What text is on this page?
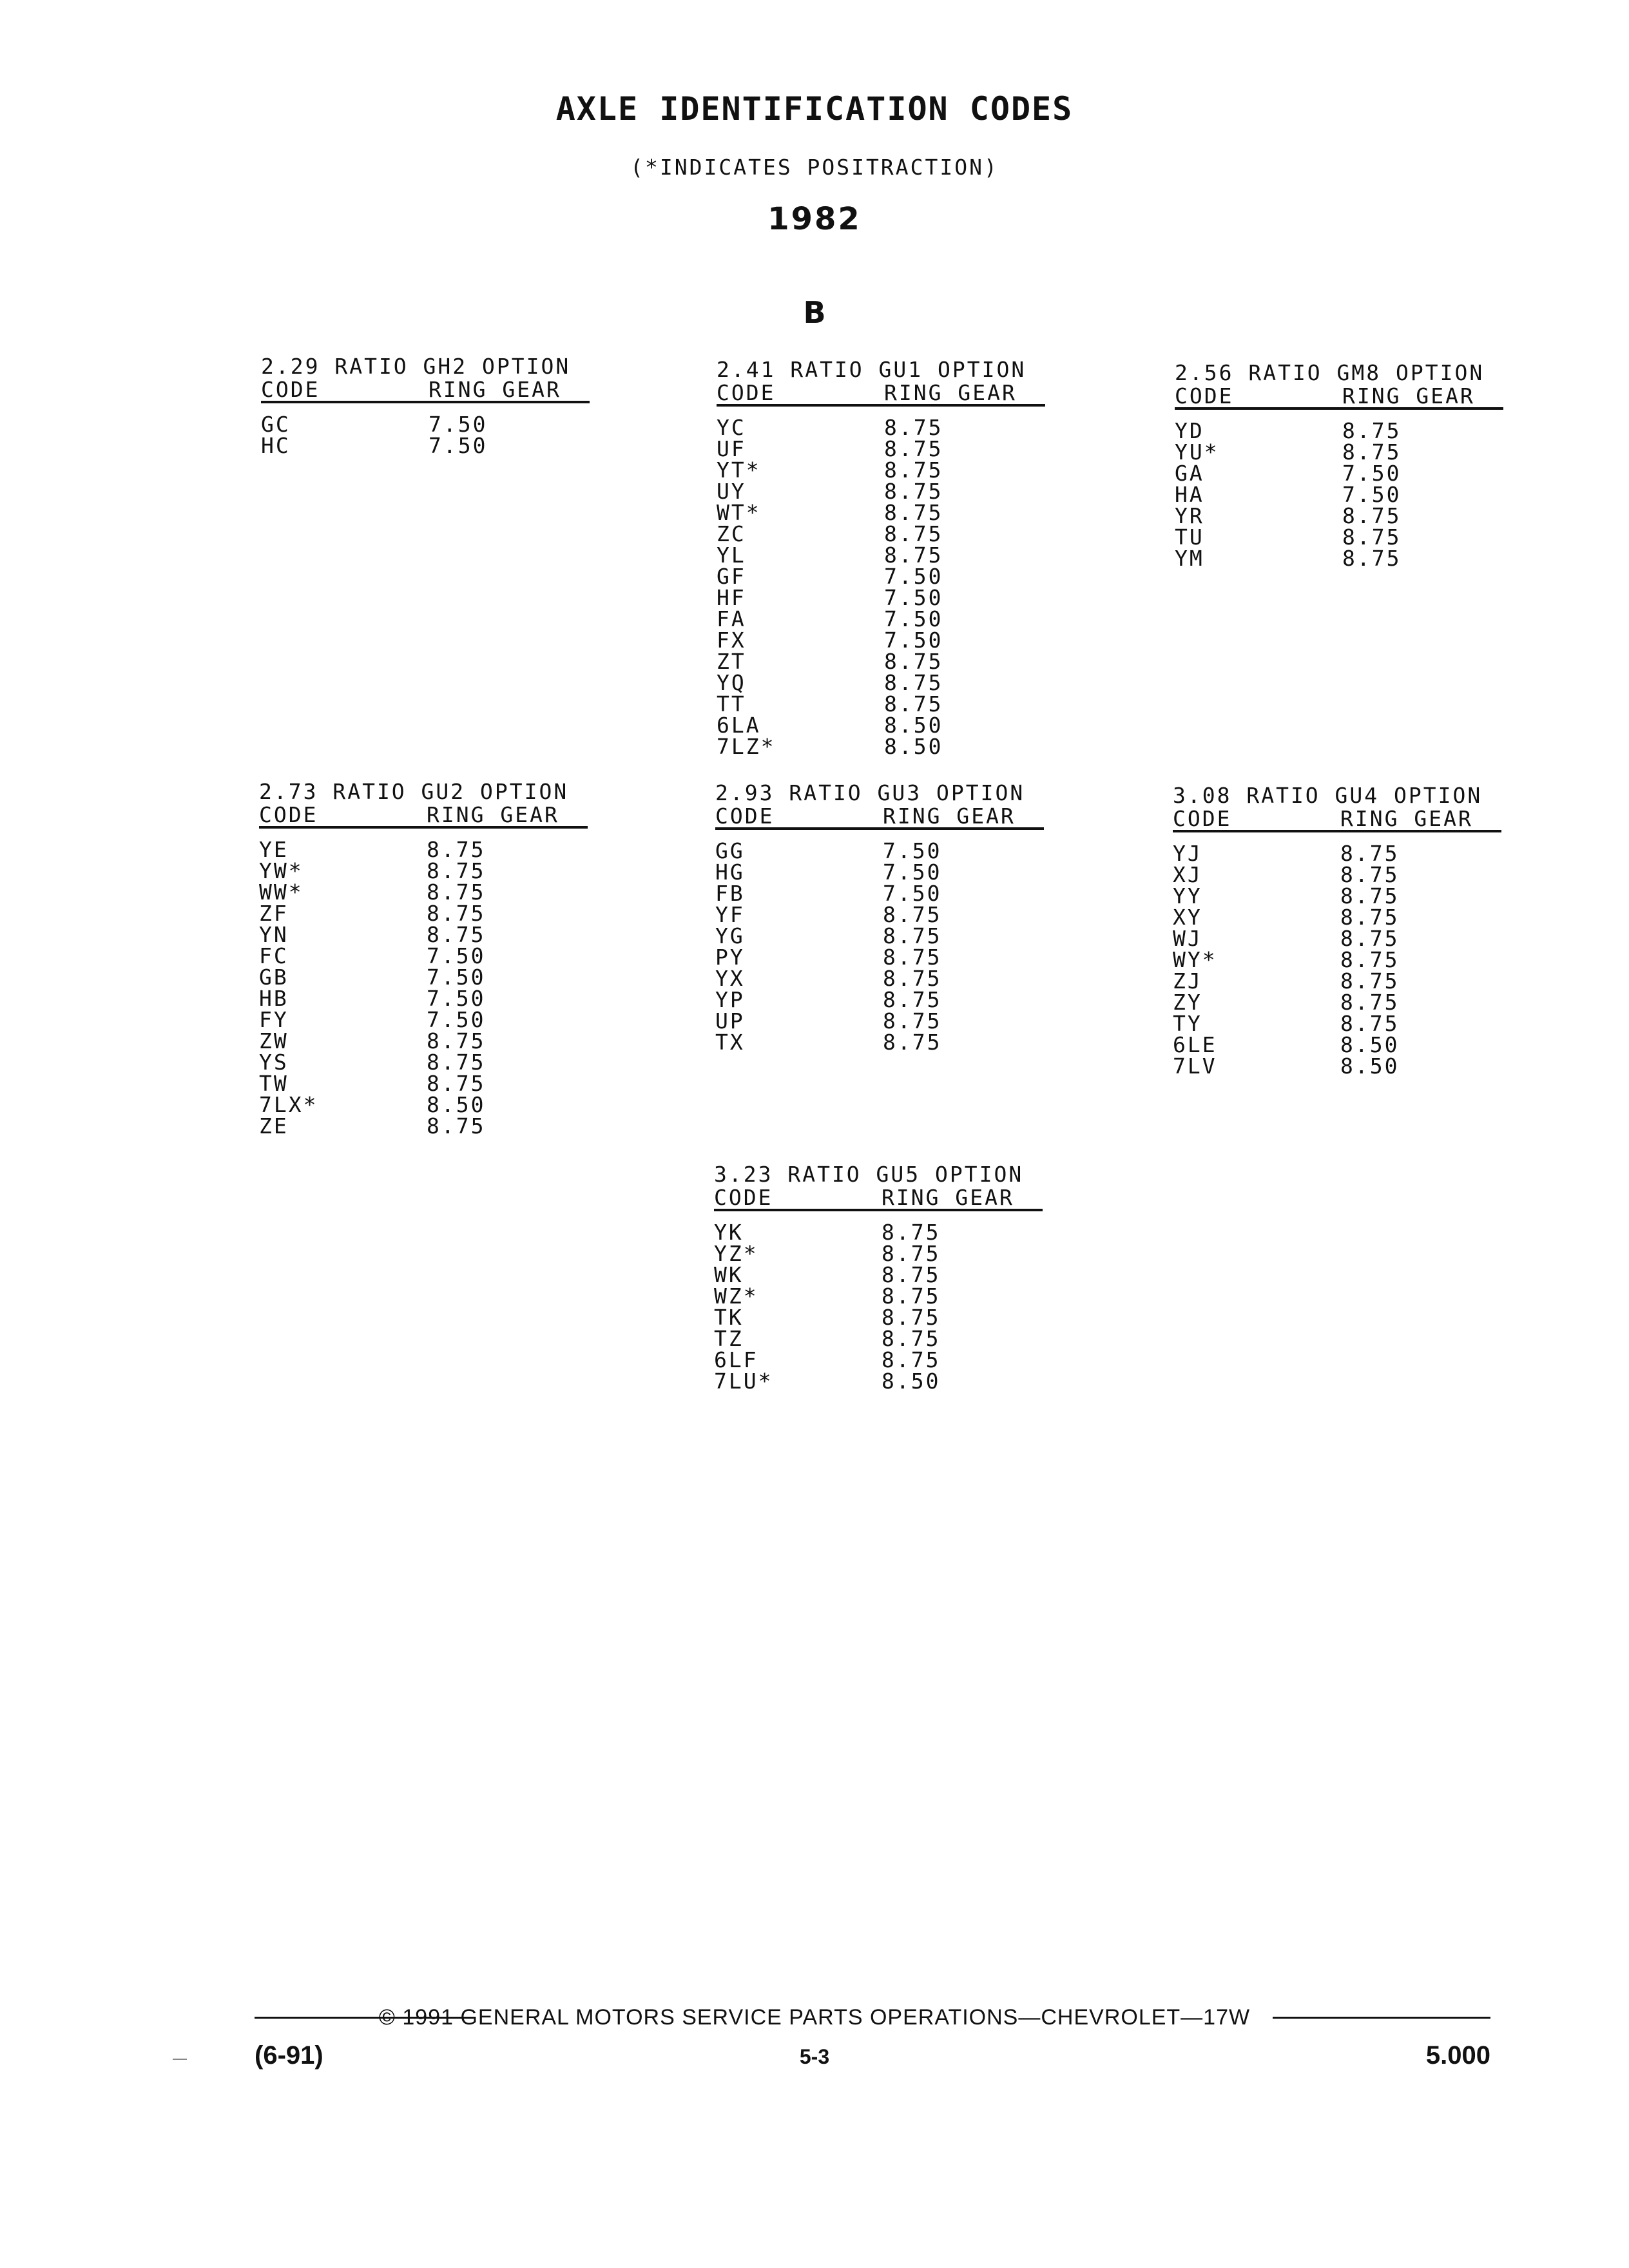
AXLE IDENTIFICATION CODES
(*INDICATES POSITRACTION)
1982
B
2.29 RATIO GH2 OPTION
CODE	RING GEAR
GC	7.50
HC	7.50
2.41 RATIO GU1 OPTION
CODE	RING GEAR
YC	8.75
UF	8.75
YT*	8.75
UY	8.75
WT*	8.75
ZC	8.75
YL	8.75
GF	7.50
HF	7.50
FA	7.50
FX	7.50
ZT	8.75
YQ	8.75
TT	8.75
6LA	8.50
7LZ*	8.50
2.56 RATIO GM8 OPTION
CODE	RING GEAR
YD	8.75
YU*	8.75
GA	7.50
HA	7.50
YR	8.75
TU	8.75
YM	8.75
2.73 RATIO GU2 OPTION
CODE	RING GEAR
YE	8.75
YW*	8.75
WW*	8.75
ZF	8.75
YN	8.75
FC	7.50
GB	7.50
HB	7.50
FY	7.50
ZW	8.75
YS	8.75
TW	8.75
7LX*	8.50
ZE	8.75
2.93 RATIO GU3 OPTION
CODE	RING GEAR
GG	7.50
HG	7.50
FB	7.50
YF	8.75
YG	8.75
PY	8.75
YX	8.75
YP	8.75
UP	8.75
TX	8.75
3.08 RATIO GU4 OPTION
CODE	RING GEAR
YJ	8.75
XJ	8.75
YY	8.75
XY	8.75
WJ	8.75
WY*	8.75
ZJ	8.75
ZY	8.75
TY	8.75
6LE	8.50
7LV	8.50
3.23 RATIO GU5 OPTION
CODE	RING GEAR
YK	8.75
YZ*	8.75
WK	8.75
WZ*	8.75
TK	8.75
TZ	8.75
6LF	8.75
7LU*	8.50
© 1991 GENERAL MOTORS SERVICE PARTS OPERATIONS—CHEVROLET—17W
(6-91)	5-3	5.000
